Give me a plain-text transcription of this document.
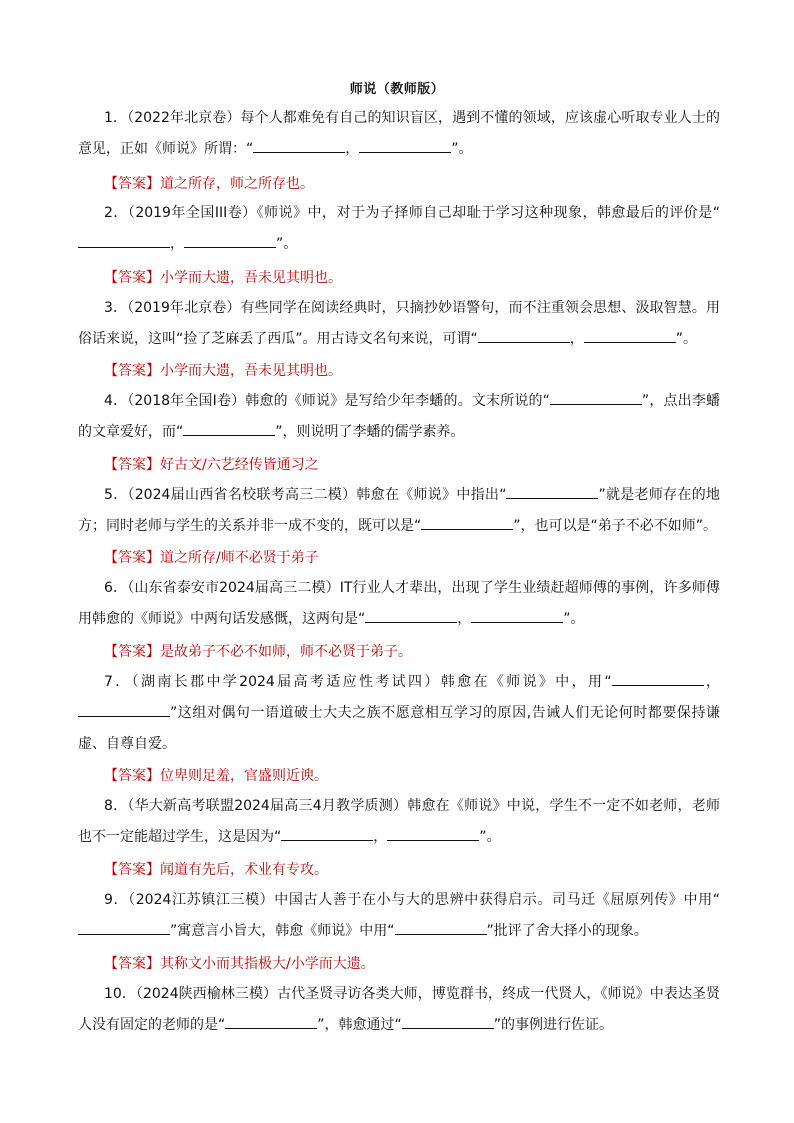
师说（教师版）
1．（2022年北京卷）每个人都难免有自己的知识盲区，遇到不懂的领域，应该虚心听取专业人士的意见，正如《师说》所谓：“	，	”。
【答案】道之所存，师之所存也。
2．（2019年全国III卷）《师说》中，对于为子择师自己却耻于学习这种现象，韩愈最后的评价是“，	”。
【答案】小学而大遗，吾未见其明也。
3．（2019年北京卷）有些同学在阅读经典时，只摘抄妙语警句，而不注重领会思想、汲取智慧。用俗话来说，这叫“捡了芝麻丢了西瓜”。用古诗文名句来说，可谓“	，	”。
【答案】小学而大遗，吾未见其明也。
4．（2018年全国I卷）韩愈的《师说》是写给少年李蟠的。文末所说的“	”，点出李蟠的文章爱好，而“	”，则说明了李蟠的儒学素养。
【答案】好古文/六艺经传皆通习之
5．（2024届山西省名校联考高三二模）韩愈在《师说》中指出“	”就是老师存在的地方；同时老师与学生的关系并非一成不变的，既可以是“	”，也可以是“弟子不必不如师”。
【答案】道之所存/师不必贤于弟子
6．（山东省泰安市2024届高三二模）IT行业人才辈出，出现了学生业绩赶超师傅的事例，许多师傅用韩愈的《师说》中两句话发感慨，这两句是“	，	”。
【答案】是故弟子不必不如师，师不必贤于弟子。
7．（湖南长郡中学2024届高考适应性考试四）韩愈在《师说》中，用“	，”这组对偶句一语道破士大夫之族不愿意相互学习的原因,告诫人们无论何时都要保持谦虚、自尊自爱。
【答案】位卑则足羞，官盛则近谀。
8．（华大新高考联盟2024届高三4月教学质测）韩愈在《师说》中说，学生不一定不如老师，老师也不一定能超过学生，这是因为“	，	”。
【答案】闻道有先后，术业有专攻。
9．（2024江苏镇江三模）中国古人善于在小与大的思辨中获得启示。司马迁《屈原列传》中用“”寓意言小旨大，韩愈《师说》中用“	”批评了舍大择小的现象。
【答案】其称文小而其指极大/小学而大遗。
10．（2024陕西榆林三模）古代圣贤寻访各类大师，博览群书，终成一代贤人，《师说》中表达圣贤人没有固定的老师的是“	”，韩愈通过“	”的事例进行佐证。
